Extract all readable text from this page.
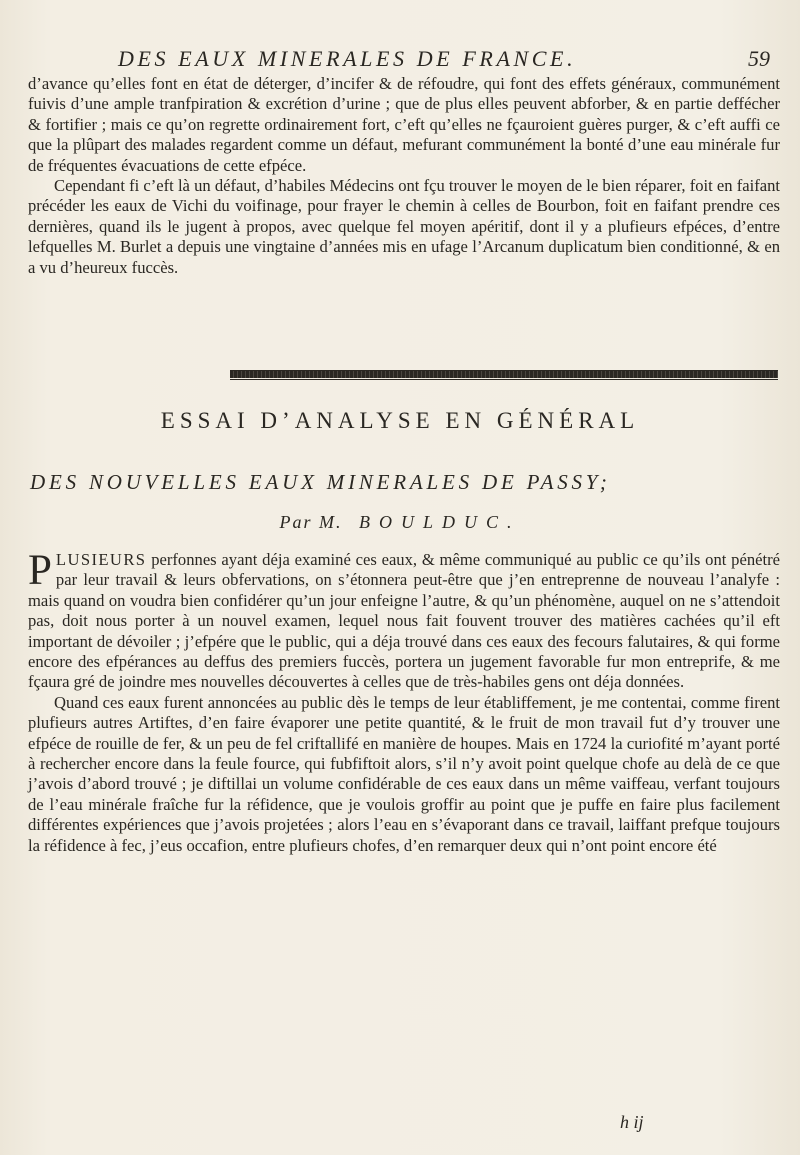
DES EAUX MINERALES DE FRANCE.	59

d’avance qu’elles font en état de déterger, d’incifer & de réfoudre, qui font des effets généraux, communément fuivis d’une ample tranfpiration & excrétion d’urine ; que de plus elles peuvent abforber, & en partie deffécher & fortifier ; mais ce qu’on regrette ordinairement fort, c’eft qu’elles ne fçauroient guères purger, & c’eft auffi ce que la plûpart des malades regardent comme un défaut, mefurant communément la bonté d’une eau minérale fur de fréquentes évacuations de cette efpéce.

Cependant fi c’eft là un défaut, d’habiles Médecins ont fçu trouver le moyen de le bien réparer, foit en faifant précéder les eaux de Vichi du voifinage, pour frayer le chemin à celles de Bourbon, foit en faifant prendre ces dernières, quand ils le jugent à propos, avec quelque fel moyen apéritif, dont il y a plufieurs efpéces, d’entre lefquelles M. Burlet a depuis une vingtaine d’années mis en ufage l’Arcanum duplicatum bien conditionné, & en a vu d’heureux fuccès.

ESSAI D’ANALYSE EN GÉNÉRAL
DES NOUVELLES EAUX MINERALES DE PASSY;
Par M. BOULDUC.

PLUSIEURS perfonnes ayant déja examiné ces eaux, & même communiqué au public ce qu’ils ont pénétré par leur travail & leurs obfervations, on s’étonnera peut-être que j’en entreprenne de nouveau l’analyfe : mais quand on voudra bien confidérer qu’un jour enfeigne l’autre, & qu’un phénomène, auquel on ne s’attendoit pas, doit nous porter à un nouvel examen, lequel nous fait fouvent trouver des matières cachées qu’il eft important de dévoiler ; j’efpére que le public, qui a déja trouvé dans ces eaux des fecours falutaires, & qui forme encore des efpérances au deffus des premiers fuccès, portera un jugement favorable fur mon entreprife, & me fçaura gré de joindre mes nouvelles découvertes à celles que de très-habiles gens ont déja données.

Quand ces eaux furent annoncées au public dès le temps de leur établiffement, je me contentai, comme firent plufieurs autres Artiftes, d’en faire évaporer une petite quantité, & le fruit de mon travail fut d’y trouver une efpéce de rouille de fer, & un peu de fel criftallifé en manière de houpes. Mais en 1724 la curiofité m’ayant porté à rechercher encore dans la feule fource, qui fubfiftoit alors, s’il n’y avoit point quelque chofe au delà de ce que j’avois d’abord trouvé ; je diftillai un volume confidérable de ces eaux dans un même vaiffeau, verfant toujours de l’eau minérale fraîche fur la réfidence, que je voulois groffir au point que je puffe en faire plus facilement différentes expériences que j’avois projetées ; alors l’eau en s’évaporant dans ce travail, laiffant prefque toujours la réfidence à fec, j’eus occafion, entre plufieurs chofes, d’en remarquer deux qui n’ont point encore été

h ij
